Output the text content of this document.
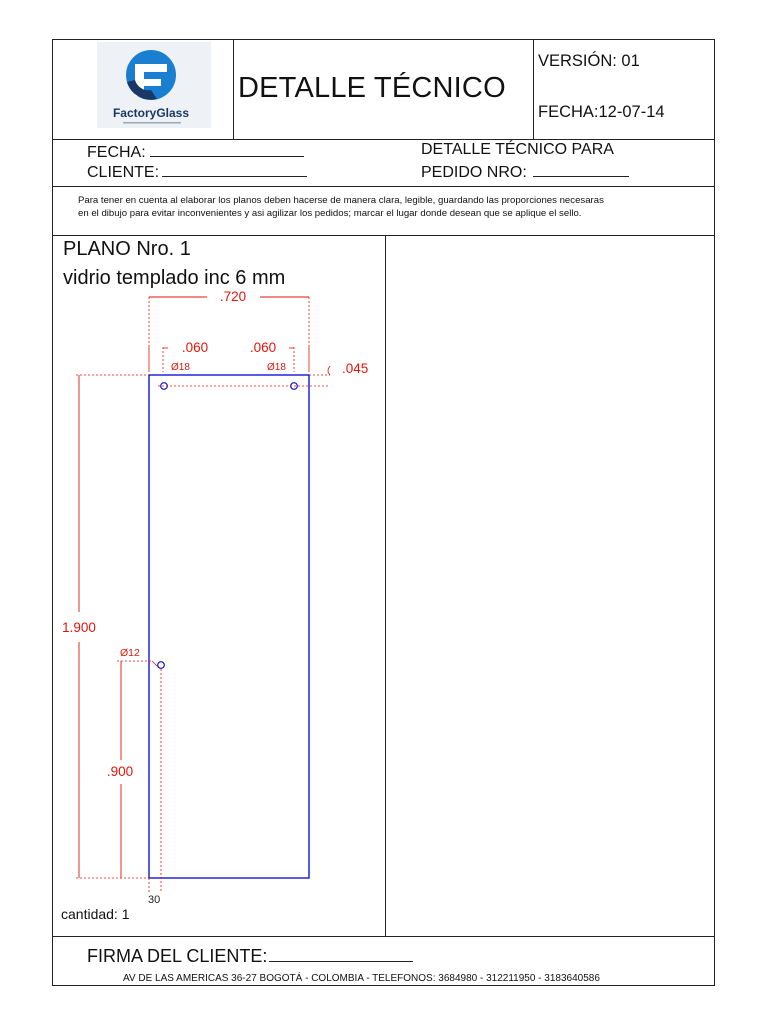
FactoryGlass
DETALLE TÉCNICO
VERSIÓN: 01
FECHA:12-07-14
FECHA:
CLIENTE:
DETALLE TÉCNICO PARA
PEDIDO NRO:
Para tener en cuenta al elaborar los planos deben hacerse de manera clara, legible, guardando las proporciones necesaras
en el dibujo para evitar inconvenientes y asi agilizar los pedidos; marcar el lugar donde desean que se aplique el sello.
PLANO Nro. 1
vidrio templado inc 6 mm
.720
.060	.060
Ø18	Ø18	.045
1.900
Ø12
.900
30
cantidad: 1
FIRMA DEL CLIENTE:
AV DE LAS AMERICAS 36-27 BOGOTÁ - COLOMBIA - TELEFONOS: 3684980 - 312211950 - 3183640586
